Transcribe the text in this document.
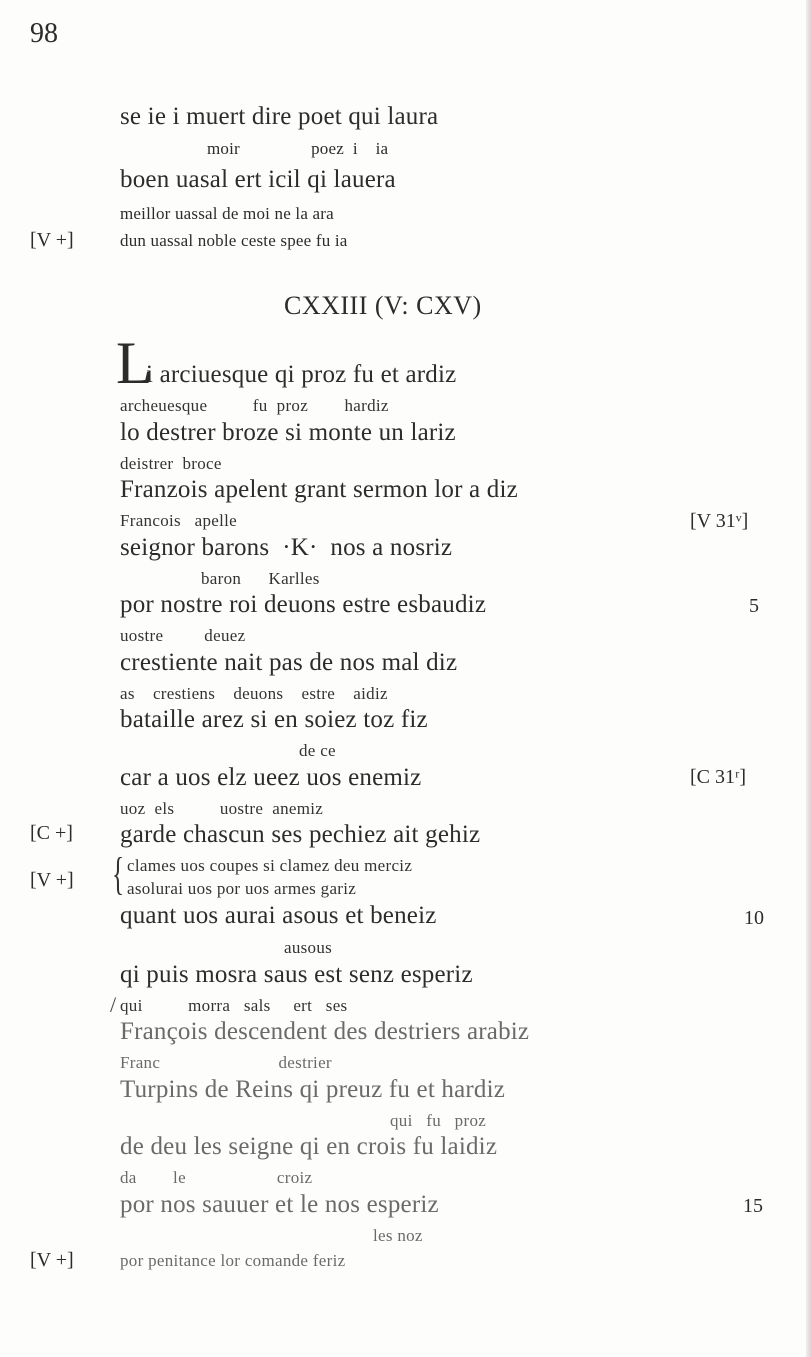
98
se ie i muert dire poet qui laura
moir                poez  i    ia
boen uasal ert icil qi lauera
meillor uassal de moi ne la ara
[V +]	dun uassal noble ceste spee fu ia
CXXIII (V: CXV)
L
i arciuesque qi proz fu et ardiz
archeuesque          fu  proz        hardiz
lo destrer broze si monte un lariz
deistrer  broce
Franzois apelent grant sermon lor a diz
Francois   apelle	[V 31ᵛ]
seignor barons  ·K·  nos a nosriz
baron      Karlles
por nostre roi deuons estre esbaudiz	5
uostre         deuez
crestiente nait pas de nos mal diz
as    crestiens    deuons    estre    aidiz
bataille arez si en soiez toz fiz
de ce
car a uos elz ueez uos enemiz	[C 31ʳ]
uoz  els          uostre  anemiz
[C +] garde chascun ses pechiez ait gehiz
[V +] { clames uos coupes si clamez deu merciz
asolurai uos por uos armes gariz
quant uos aurai asous et beneiz	10
ausous
qi puis mosra saus est senz esperiz
/ qui          morra   sals     ert   ses
François descendent des destriers arabiz
Franc                          destrier
Turpins de Reins qi preuz fu et hardiz
qui   fu   proz
de deu les seigne qi en crois fu laidiz
da        le                    croiz
por nos sauuer et le nos esperiz	15
les noz
[V +]	por penitance lor comande feriz
